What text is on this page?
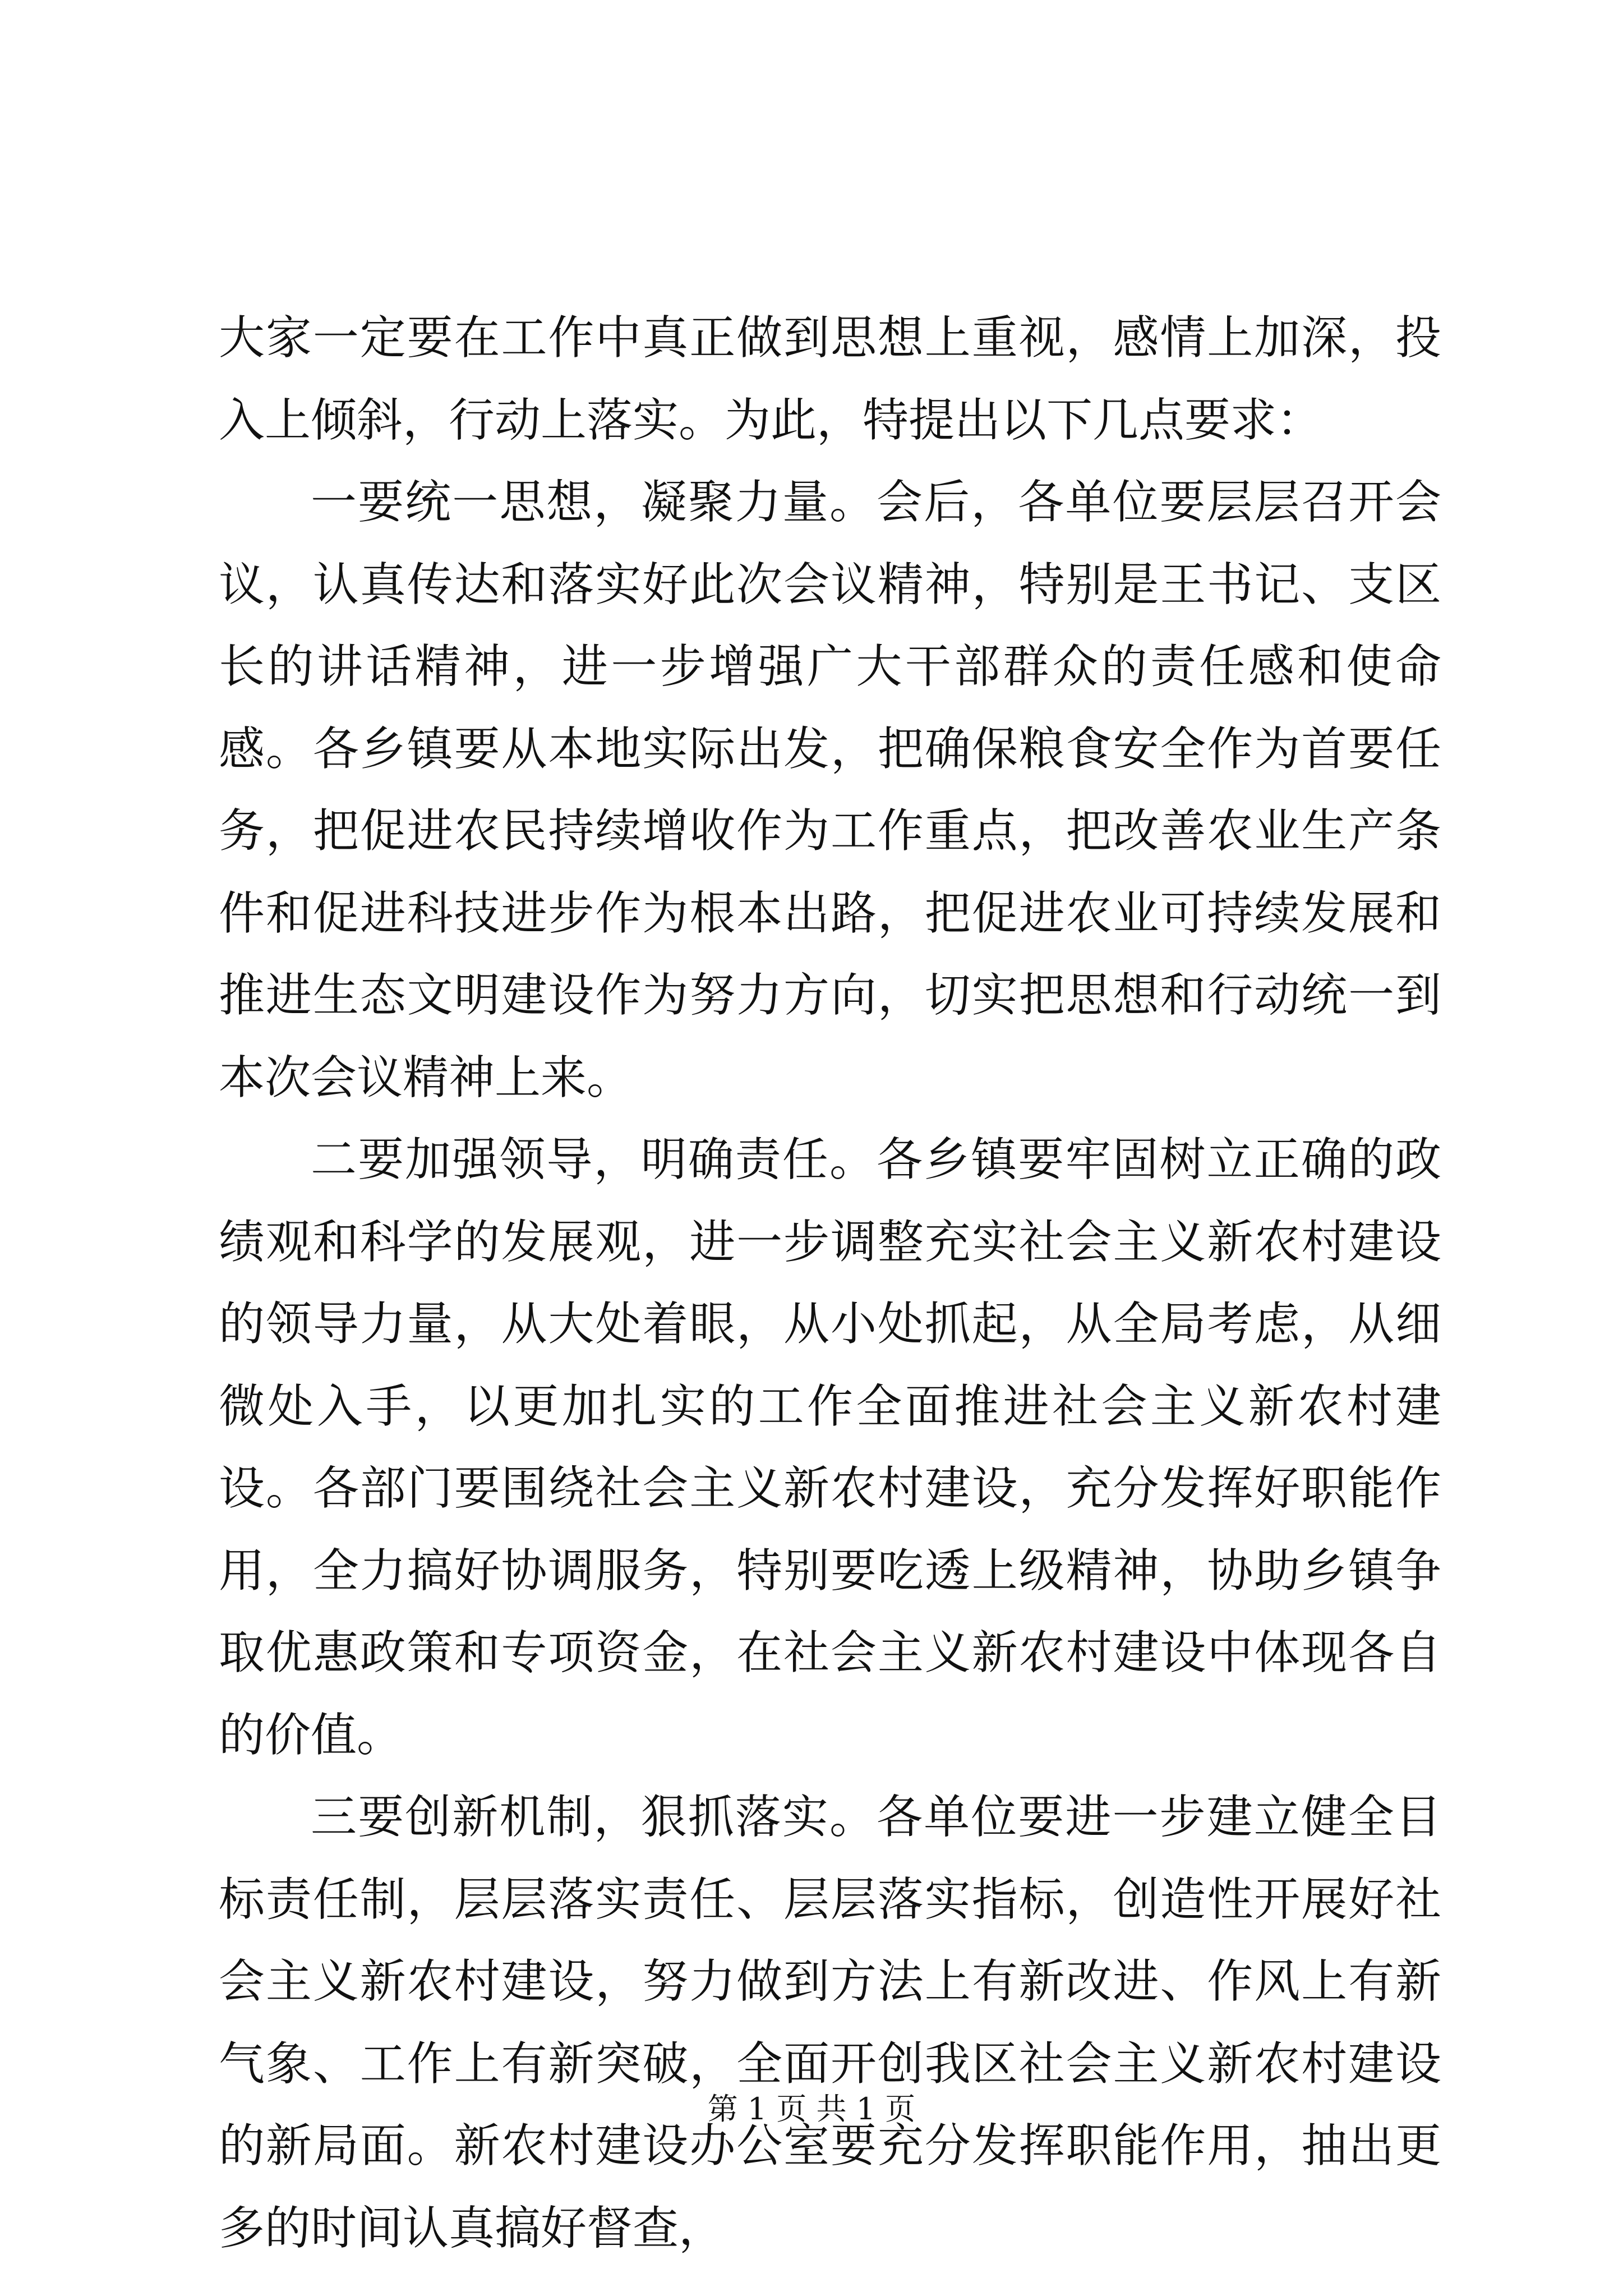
大家一定要在工作中真正做到思想上重视，感情上加深，投入上倾斜，行动上落实。为此，特提出以下几点要求：

一要统一思想，凝聚力量。会后，各单位要层层召开会议，认真传达和落实好此次会议精神，特别是王书记、支区长的讲话精神，进一步增强广大干部群众的责任感和使命感。各乡镇要从本地实际出发，把确保粮食安全作为首要任务，把促进农民持续增收作为工作重点，把改善农业生产条件和促进科技进步作为根本出路，把促进农业可持续发展和推进生态文明建设作为努力方向，切实把思想和行动统一到本次会议精神上来。

二要加强领导，明确责任。各乡镇要牢固树立正确的政绩观和科学的发展观，进一步调整充实社会主义新农村建设的领导力量，从大处着眼，从小处抓起，从全局考虑，从细微处入手，以更加扎实的工作全面推进社会主义新农村建设。各部门要围绕社会主义新农村建设，充分发挥好职能作用，全力搞好协调服务，特别要吃透上级精神，协助乡镇争取优惠政策和专项资金，在社会主义新农村建设中体现各自的价值。

三要创新机制，狠抓落实。各单位要进一步建立健全目标责任制，层层落实责任、层层落实指标，创造性开展好社会主义新农村建设，努力做到方法上有新改进、作风上有新气象、工作上有新突破，全面开创我区社会主义新农村建设的新局面。新农村建设办公室要充分发挥职能作用，抽出更多的时间认真搞好督查，

第 1 页 共 1 页
